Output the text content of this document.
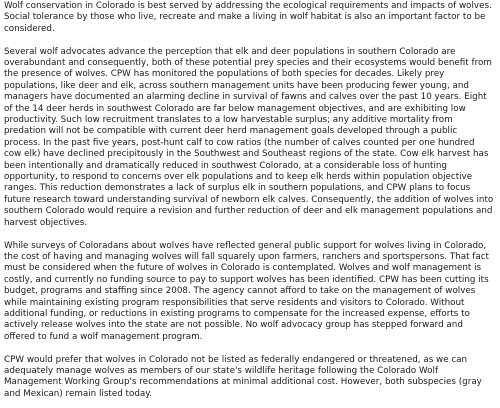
Wolf conservation in Colorado is best served by addressing the ecological requirements and impacts of wolves. Social tolerance by those who live, recreate and make a living in wolf habitat is also an important factor to be considered.

Several wolf advocates advance the perception that elk and deer populations in southern Colorado are overabundant and consequently, both of these potential prey species and their ecosystems would benefit from the presence of wolves. CPW has monitored the populations of both species for decades. Likely prey populations, like deer and elk, across southern management units have been producing fewer young, and managers have documented an alarming decline in survival of fawns and calves over the past 10 years. Eight of the 14 deer herds in southwest Colorado are far below management objectives, and are exhibiting low productivity. Such low recruitment translates to a low harvestable surplus; any additive mortality from predation will not be compatible with current deer herd management goals developed through a public process. In the past five years, post-hunt calf to cow ratios (the number of calves counted per one hundred cow elk) have declined precipitously in the Southwest and Southeast regions of the state. Cow elk harvest has been intentionally and dramatically reduced in southwest Colorado, at a considerable loss of hunting opportunity, to respond to concerns over elk populations and to keep elk herds within population objective ranges. This reduction demonstrates a lack of surplus elk in southern populations, and CPW plans to focus future research toward understanding survival of newborn elk calves. Consequently, the addition of wolves into southern Colorado would require a revision and further reduction of deer and elk management populations and harvest objectives.

While surveys of Coloradans about wolves have reflected general public support for wolves living in Colorado, the cost of having and managing wolves will fall squarely upon farmers, ranchers and sportspersons. That fact must be considered when the future of wolves in Colorado is contemplated. Wolves and wolf management is costly, and currently no funding source to pay to support wolves has been identified. CPW has been cutting its budget, programs and staffing since 2008. The agency cannot afford to take on the management of wolves while maintaining existing program responsibilities that serve residents and visitors to Colorado. Without additional funding, or reductions in existing programs to compensate for the increased expense, efforts to actively release wolves into the state are not possible. No wolf advocacy group has stepped forward and offered to fund a wolf management program.

CPW would prefer that wolves in Colorado not be listed as federally endangered or threatened, as we can adequately manage wolves as members of our state's wildlife heritage following the Colorado Wolf Management Working Group's recommendations at minimal additional cost. However, both subspecies (gray and Mexican) remain listed today.
